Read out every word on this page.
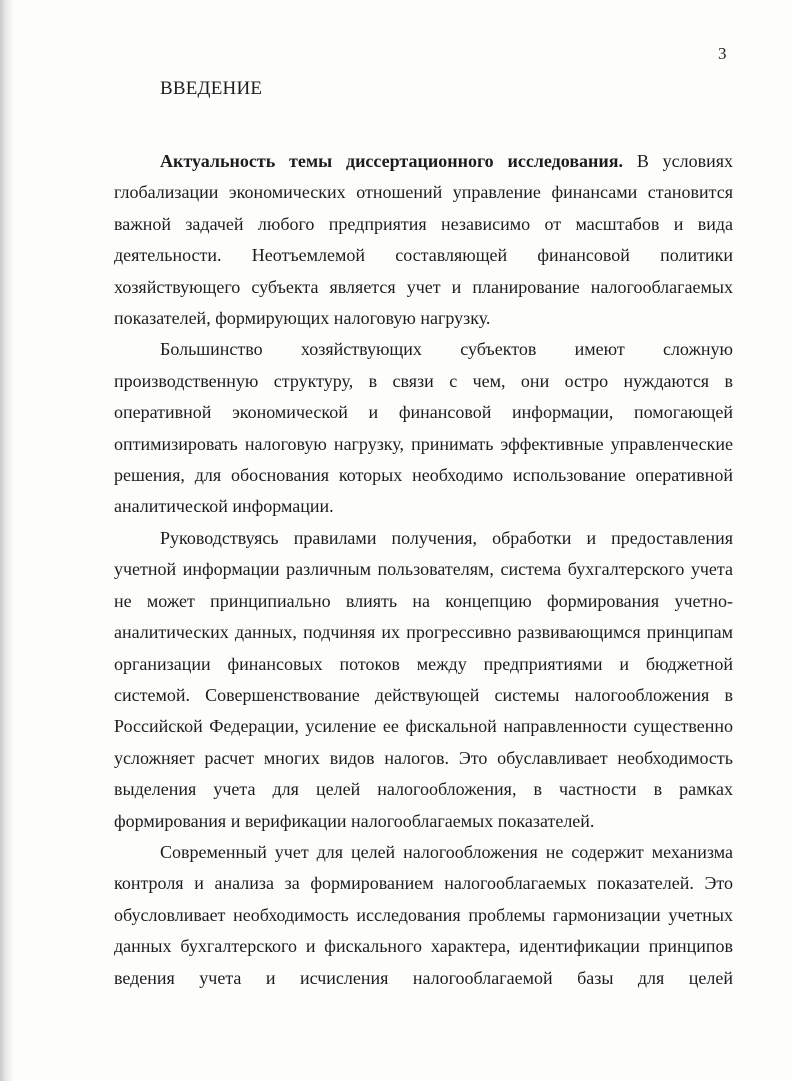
3
ВВЕДЕНИЕ

Актуальность темы диссертационного исследования. В условиях глобализации экономических отношений управление финансами становится важной задачей любого предприятия независимо от масштабов и вида деятельности. Неотъемлемой составляющей финансовой политики хозяйствующего субъекта является учет и планирование налогооблагаемых показателей, формирующих налоговую нагрузку.

Большинство хозяйствующих субъектов имеют сложную производственную структуру, в связи с чем, они остро нуждаются в оперативной экономической и финансовой информации, помогающей оптимизировать налоговую нагрузку, принимать эффективные управленческие решения, для обоснования которых необходимо использование оперативной аналитической информации.

Руководствуясь правилами получения, обработки и предоставления учетной информации различным пользователям, система бухгалтерского учета не может принципиально влиять на концепцию формирования учетно-аналитических данных, подчиняя их прогрессивно развивающимся принципам организации финансовых потоков между предприятиями и бюджетной системой. Совершенствование действующей системы налогообложения в Российской Федерации, усиление ее фискальной направленности существенно усложняет расчет многих видов налогов. Это обуславливает необходимость выделения учета для целей налогообложения, в частности в рамках формирования и верификации налогооблагаемых показателей.

Современный учет для целей налогообложения не содержит механизма контроля и анализа за формированием налогооблагаемых показателей. Это обусловливает необходимость исследования проблемы гармонизации учетных данных бухгалтерского и фискального характера, идентификации принципов ведения учета и исчисления налогооблагаемой базы для целей
